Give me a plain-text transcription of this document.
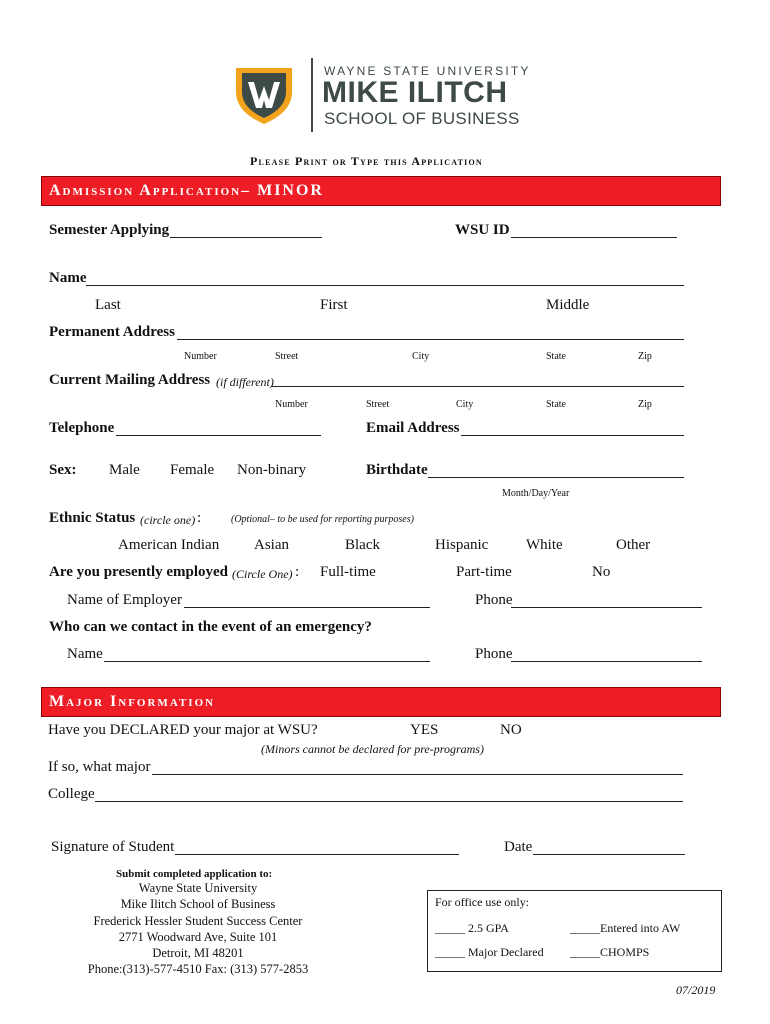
WAYNE STATE UNIVERSITY
MIKE ILITCH
SCHOOL OF BUSINESS
Please Print or Type this Application
Admission Application– MINOR
Semester Applying	WSU ID
Name
Last	First	Middle
Permanent Address
Number	Street	City	State	Zip
Current Mailing Address (if different)
Number	Street	City	State	Zip
Telephone	Email Address
Sex: Male Female Non-binary	Birthdate
Month/Day/Year
Ethnic Status (circle one) :	(Optional– to be used for reporting purposes)
American Indian Asian	Black	Hispanic	White	Other
Are you presently employed (Circle One) : Full-time	Part-time	No
Name of Employer	Phone
Who can we contact in the event of an emergency?
Name	Phone
Major Information
Have you DECLARED your major at WSU?	YES	NO
(Minors cannot be declared for pre-programs)
If so, what major
College
Signature of Student	Date
Submit completed application to:
Wayne State University
Mike Ilitch School of Business
Frederick Hessler Student Success Center
2771 Woodward Ave, Suite 101
Detroit, MI 48201
Phone:(313)-577-4510 Fax: (313) 577-2853
For office use only:
_____ 2.5 GPA	_____Entered into AW
_____ Major Declared _____CHOMPS
07/2019
